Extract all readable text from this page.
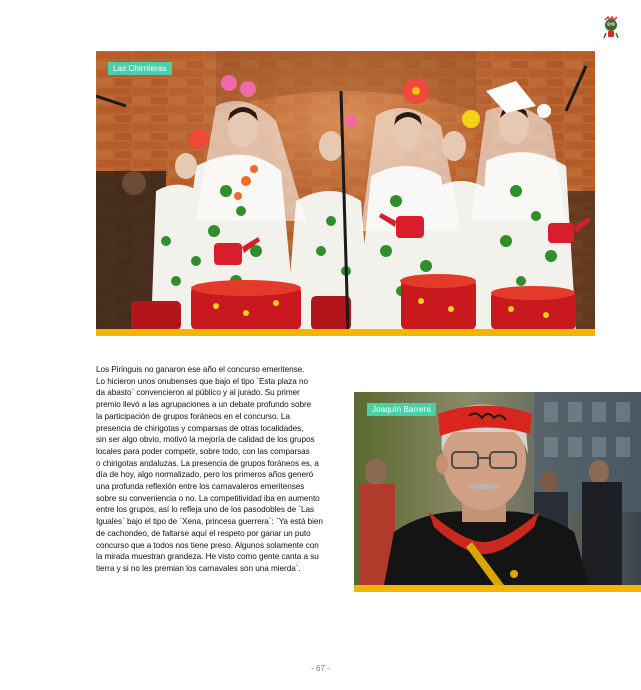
Las Chirriteras

Los Piringuis no ganaron ese año el concurso emeritense.
Lo hicieron unos onubenses que bajo el tipo `Esta plaza no
da abasto` convencieron al público y al jurado. Su primer
premio llevó a las agrupaciones a un debate profundo sobre
la participación de grupos foráneos en el concurso. La
presencia de chirigotas y comparsas de otras localidades,
sin ser algo obvio, motivó la mejoría de calidad de los grupos
locales para poder competir, sobre todo, con las comparsas
o chirigotas andaluzas. La presencia de grupos foráneos es, a
día de hoy, algo normalizado, pero los primeros años generó
una profunda reflexión entre los carnavaleros emeritenses
sobre su conveniencia o no. La competitividad iba en aumento
entre los grupos, así lo refleja uno de los pasodobles de `Las
Iguales` bajo el tipo de `Xena, princesa guerrera`: `Ya está bien
de cachondeo, de faltarse aquí el respeto por ganar un puto
concurso que a todos nos tiene preso. Algunos solamente con
la mirada muestran grandeza. He visto como gente canta a su
tierra y si no les premian los carnavales son una mierda`.

Joaquín Barrera
- 67 -
